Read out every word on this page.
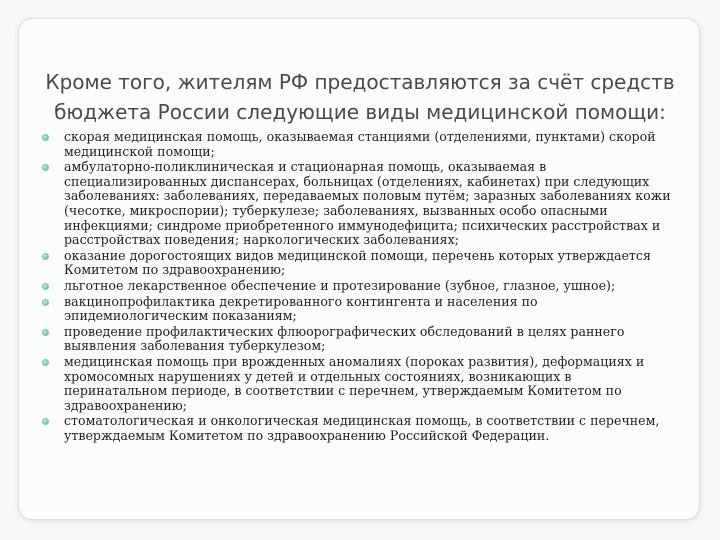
Кроме того, жителям РФ предоставляются за счёт средств
бюджета России следующие виды медицинской помощи:
скорая медицинская помощь, оказываемая станциями (отделениями, пунктами) скорой медицинской помощи;
амбулаторно-поликлиническая и стационарная помощь, оказываемая в специализированных диспансерах, больницах (отделениях, кабинетах) при следующих заболеваниях: заболеваниях, передаваемых половым путём; заразных заболеваниях кожи (чесотке, микроспории); туберкулезе; заболеваниях, вызванных особо опасными инфекциями; синдроме приобретенного иммунодефицита; психических расстройствах и расстройствах поведения; наркологических заболеваниях;
оказание дорогостоящих видов медицинской помощи, перечень которых утверждается Комитетом по здравоохранению;
льготное лекарственное обеспечение и протезирование (зубное, глазное, ушное);
вакцинопрофилактика декретированного контингента и населения по эпидемиологическим показаниям;
проведение профилактических флюорографических обследований в целях раннего выявления заболевания туберкулезом;
медицинская помощь при врожденных аномалиях (пороках развития), деформациях и хромосомных нарушениях у детей и отдельных состояниях, возникающих в перинатальном периоде, в соответствии с перечнем, утверждаемым Комитетом по здравоохранению;
стоматологическая и онкологическая медицинская помощь, в соответствии с перечнем, утверждаемым Комитетом по здравоохранению Российской Федерации.
